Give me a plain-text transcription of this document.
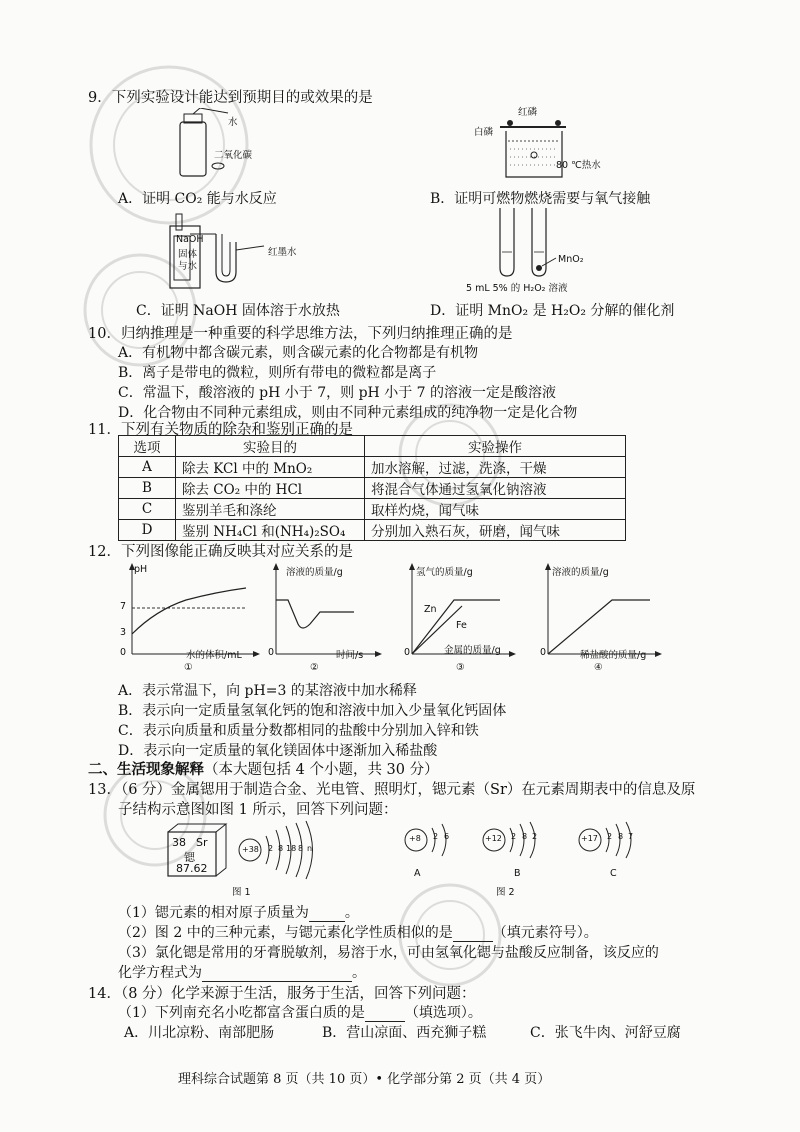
9．下列实验设计能达到预期目的或效果的是
水
二氧化碳
A．证明 CO₂ 能与水反应
红磷
白磷
80 ℃热水
B．证明可燃物燃烧需要与氧气接触
NaOH
固体
与水
红墨水
C．证明 NaOH 固体溶于水放热
MnO₂
5 mL 5% 的 H₂O₂ 溶液
D．证明 MnO₂ 是 H₂O₂ 分解的催化剂
10．归纳推理是一种重要的科学思维方法，下列归纳推理正确的是
A．有机物中都含碳元素，则含碳元素的化合物都是有机物
B．离子是带电的微粒，则所有带电的微粒都是离子
C．常温下，酸溶液的 pH 小于 7，则 pH 小于 7 的溶液一定是酸溶液
D．化合物由不同种元素组成，则由不同种元素组成的纯净物一定是化合物
11．下列有关物质的除杂和鉴别正确的是
选项	实验目的	实验操作
A	除去 KCl 中的 MnO₂	加水溶解，过滤，洗涤，干燥
B	除去 CO₂ 中的 HCl	将混合气体通过氢氧化钠溶液
C	鉴别羊毛和涤纶	取样灼烧，闻气味
D	鉴别 NH₄Cl 和(NH₄)₂SO₄	分别加入熟石灰，研磨，闻气味
12．下列图像能正确反映其对应关系的是
pH
7
3
0	水的体积/mL
①
溶液的质量/g
0	时间/s
②
氢气的质量/g
Zn
Fe
0	金属的质量/g
③
溶液的质量/g
0	稀盐酸的质量/g
④
A．表示常温下，向 pH=3 的某溶液中加水稀释
B．表示向一定质量氢氧化钙的饱和溶液中加入少量氧化钙固体
C．表示向质量和质量分数都相同的盐酸中分别加入锌和铁
D．表示向一定质量的氧化镁固体中逐渐加入稀盐酸
二、生活现象解释（本大题包括 4 个小题，共 30 分）
13．（6 分）金属锶用于制造合金、光电管、照明灯，锶元素（Sr）在元素周期表中的信息及原
子结构示意图如图 1 所示，回答下列问题：
38 Sr
锶
87.62
+38 2 8 18 8 n
图 1
+8 2 6
A
+12 2 8 2
B
图 2
+17 2 8 7
C
（1）锶元素的相对原子质量为	。
（2）图 2 中的三种元素，与锶元素化学性质相似的是	（填元素符号）。
（3）氯化锶是常用的牙膏脱敏剂，易溶于水，可由氢氧化锶与盐酸反应制备，该反应的
化学方程式为	。
14．（8 分）化学来源于生活，服务于生活，回答下列问题：
（1）下列南充名小吃都富含蛋白质的是	（填选项）。
A．川北凉粉、南部肥肠	B．营山凉面、西充狮子糕	C．张飞牛肉、河舒豆腐
理科综合试题第 8 页（共 10 页）• 化学部分第 2 页（共 4 页）
